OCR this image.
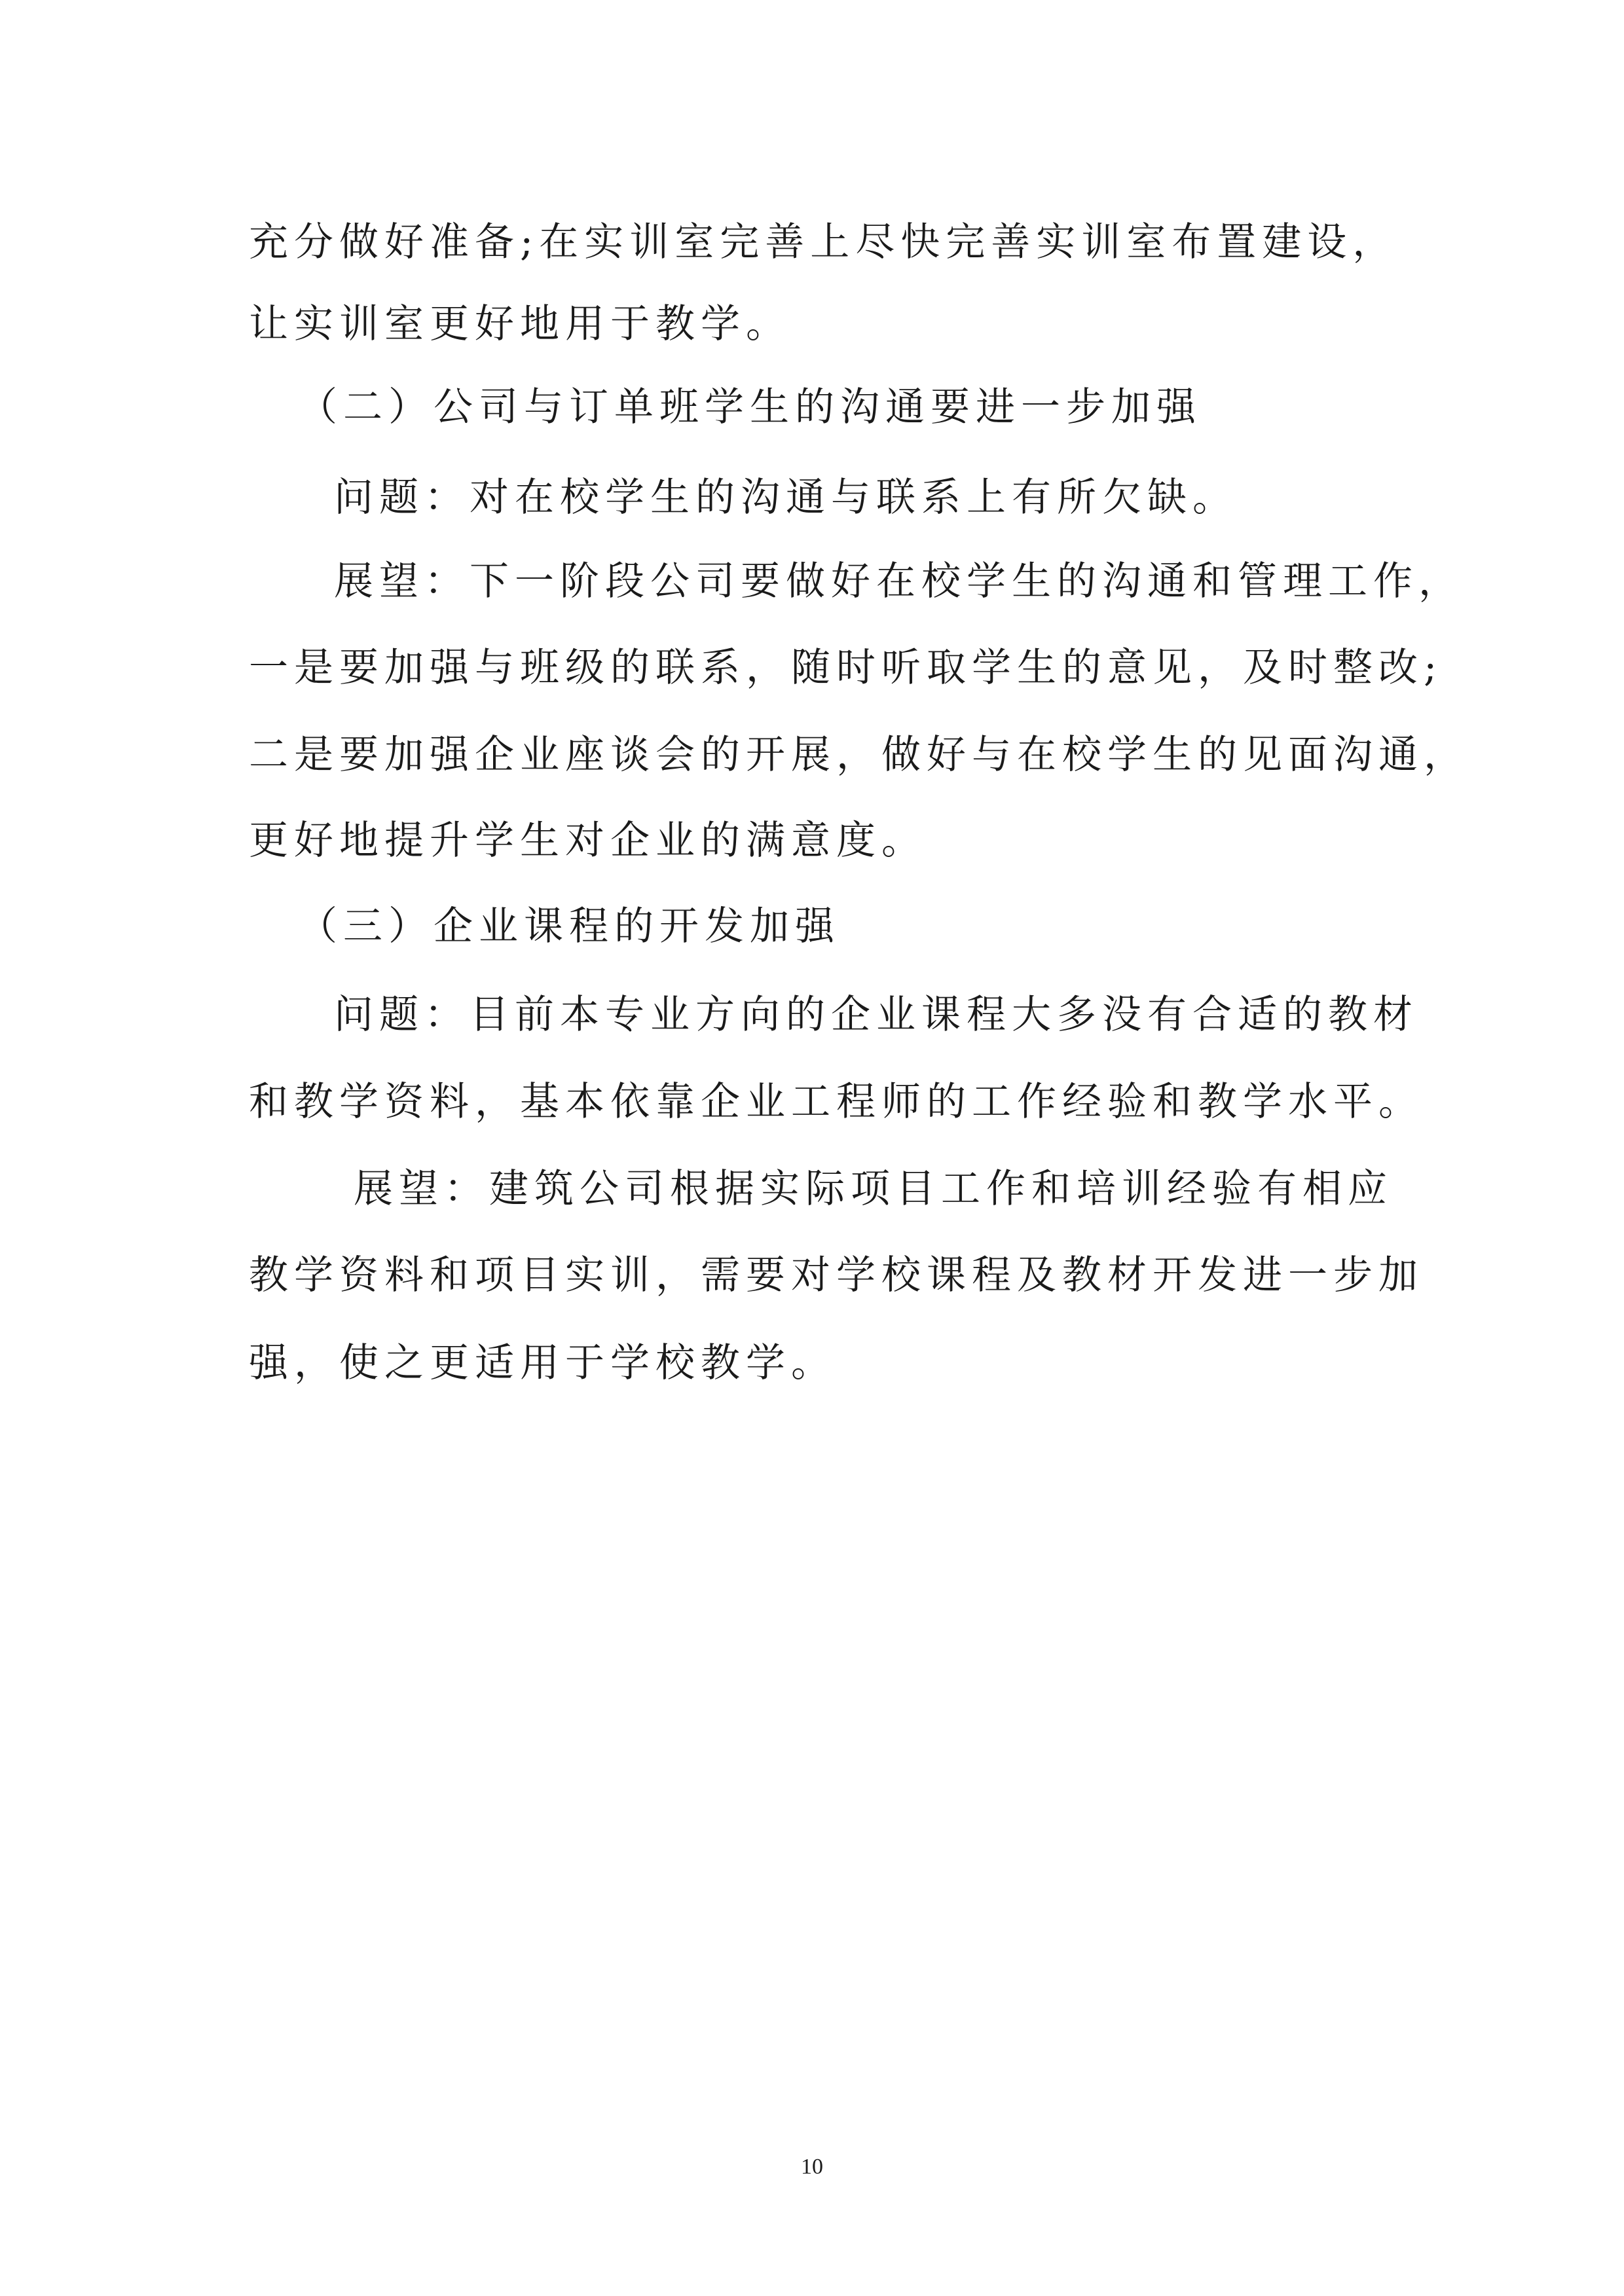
充分做好准备;在实训室完善上尽快完善实训室布置建设，
让实训室更好地用于教学。
（二）公司与订单班学生的沟通要进一步加强
问题：对在校学生的沟通与联系上有所欠缺。
展望：下一阶段公司要做好在校学生的沟通和管理工作，
一是要加强与班级的联系，随时听取学生的意见，及时整改;
二是要加强企业座谈会的开展，做好与在校学生的见面沟通，
更好地提升学生对企业的满意度。
（三）企业课程的开发加强
问题：目前本专业方向的企业课程大多没有合适的教材
和教学资料，基本依靠企业工程师的工作经验和教学水平。
展望：建筑公司根据实际项目工作和培训经验有相应
教学资料和项目实训，需要对学校课程及教材开发进一步加
强，使之更适用于学校教学。
10
